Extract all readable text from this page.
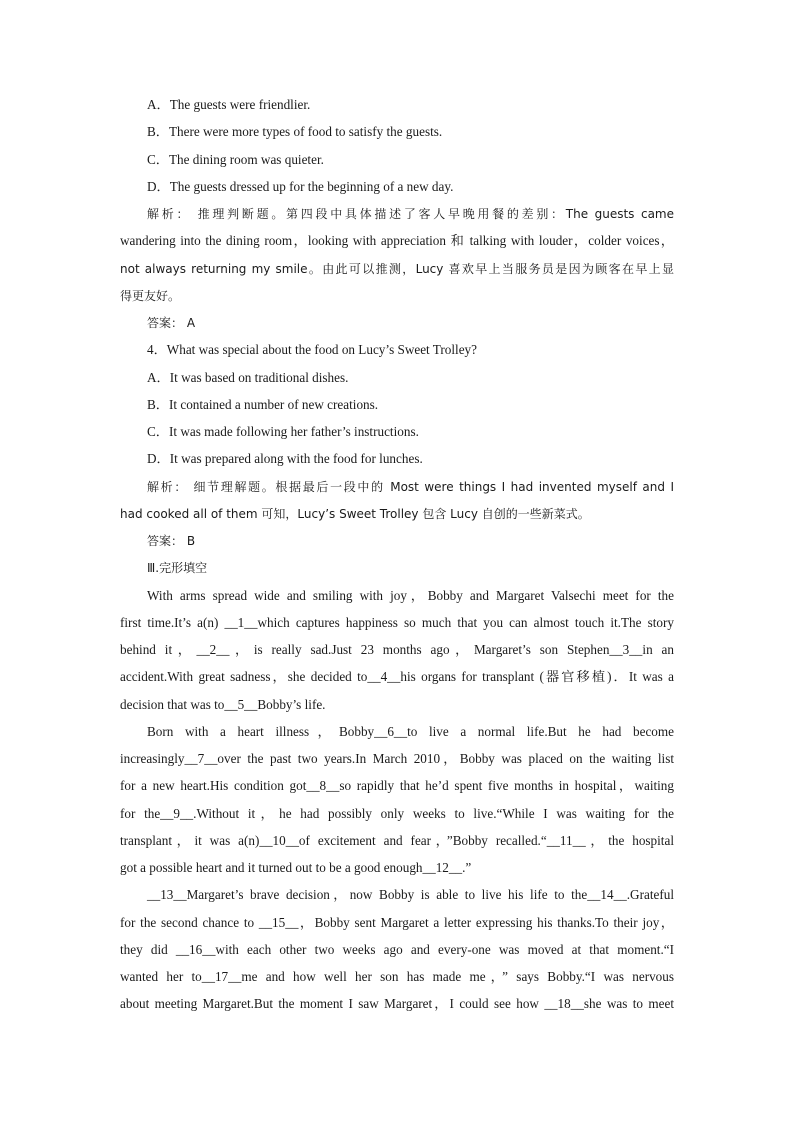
A．The guests were friendlier.
B．There were more types of food to satisfy the guests.
C．The dining room was quieter.
D．The guests dressed up for the beginning of a new day.
解析： 推理判断题。第四段中具体描述了客人早晚用餐的差别：The guests came
wandering into the dining room，looking with appreciation 和 talking with louder，colder voices，
not always returning my smile。由此可以推测，Lucy 喜欢早上当服务员是因为顾客在早上显
得更友好。
答案： A
4．What was special about the food on Lucy’s Sweet Trolley?
A．It was based on traditional dishes.
B．It contained a number of new creations.
C．It was made following her father’s instructions.
D．It was prepared along with the food for lunches.
解析： 细节理解题。根据最后一段中的 Most were things I had invented myself and I
had cooked all of them 可知，Lucy’s Sweet Trolley 包含 Lucy 自创的一些新菜式。
答案： B
Ⅲ.完形填空
With arms spread wide and smiling with joy，Bobby and Margaret Valsechi meet for the
first time.It’s a(n) __1__which captures happiness so much that you can almost touch it.The story
behind it，__2__，is really sad.Just 23 months ago，Margaret’s son Stephen__3__in an
accident.With great sadness，she decided to__4__his organs for transplant (器官移植)．It was a
decision that was to__5__Bobby’s life.
Born with a heart illness，Bobby__6__to live a normal life.But he had become
increasingly__7__over the past two years.In March 2010，Bobby was placed on the waiting list
for a new heart.His condition got__8__so rapidly that he’d spent five months in hospital，waiting
for the__9__.Without it，he had possibly only weeks to live.“While I was waiting for the
transplant，it was a(n)__10__of excitement and fear，”Bobby recalled.“__11__，the hospital
got a possible heart and it turned out to be a good enough__12__.”
__13__Margaret’s brave decision，now Bobby is able to live his life to the__14__.Grateful
for the second chance to __15__，Bobby sent Margaret a letter expressing his thanks.To their joy，
they did __16__with each other two weeks ago and every-one was moved at that moment.“I
wanted her to__17__me and how well her son has made me，” says Bobby.“I was nervous
about meeting Margaret.But the moment I saw Margaret，I could see how __18__she was to meet
